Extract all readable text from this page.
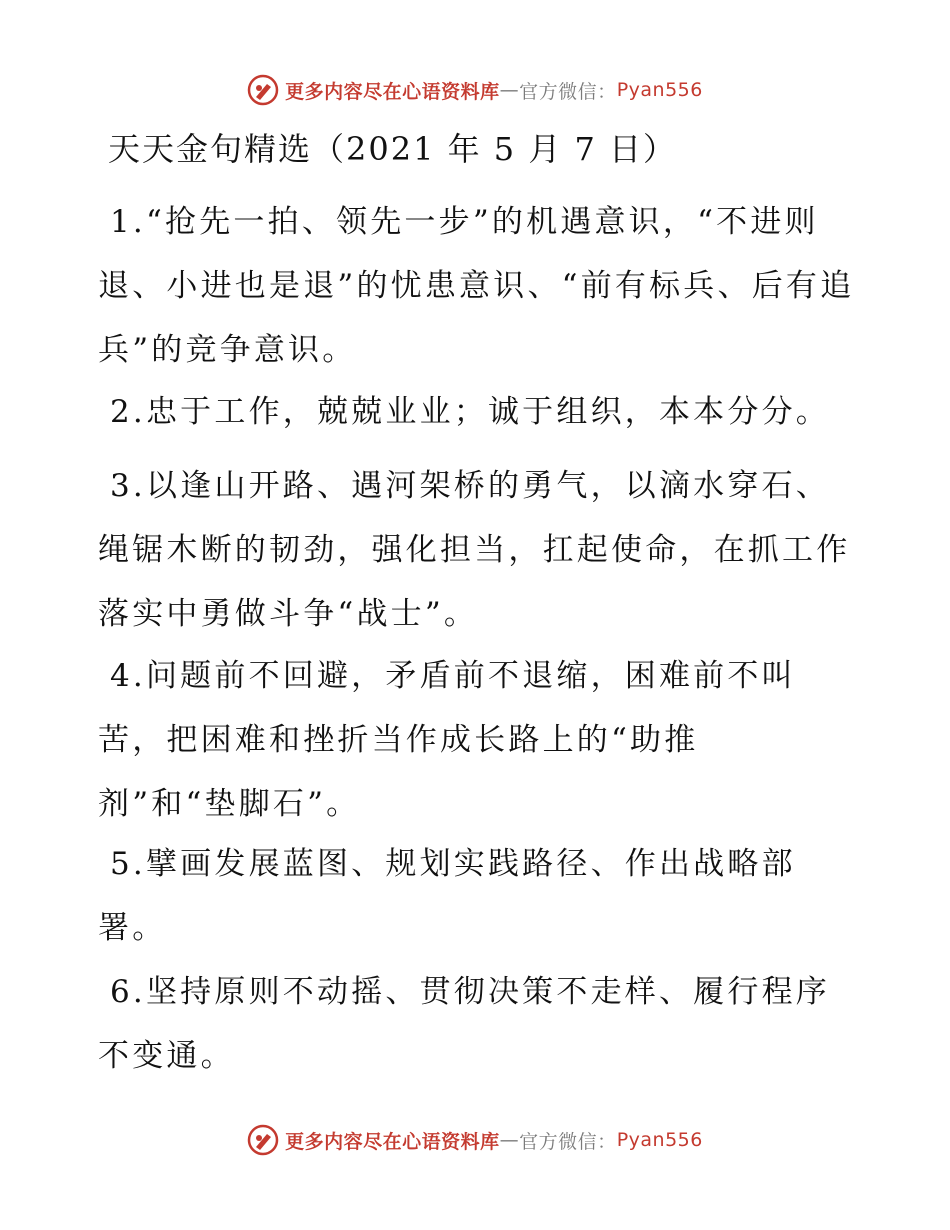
更多内容尽在心语资料库 — 官方微信： Pyan556
天天金句精选（2021 年 5 月 7 日）
1.“抢先一拍、领先一步”的机遇意识，“不进则退、小进也是退”的忧患意识、“前有标兵、后有追兵”的竞争意识。
2.忠于工作，兢兢业业；诚于组织，本本分分。
3.以逢山开路、遇河架桥的勇气，以滴水穿石、绳锯木断的韧劲，强化担当，扛起使命，在抓工作落实中勇做斗争“战士”。
4.问题前不回避，矛盾前不退缩，困难前不叫苦，把困难和挫折当作成长路上的“助推剂”和“垫脚石”。
5.擘画发展蓝图、规划实践路径、作出战略部署。
6.坚持原则不动摇、贯彻决策不走样、履行程序不变通。
更多内容尽在心语资料库 — 官方微信： Pyan556
